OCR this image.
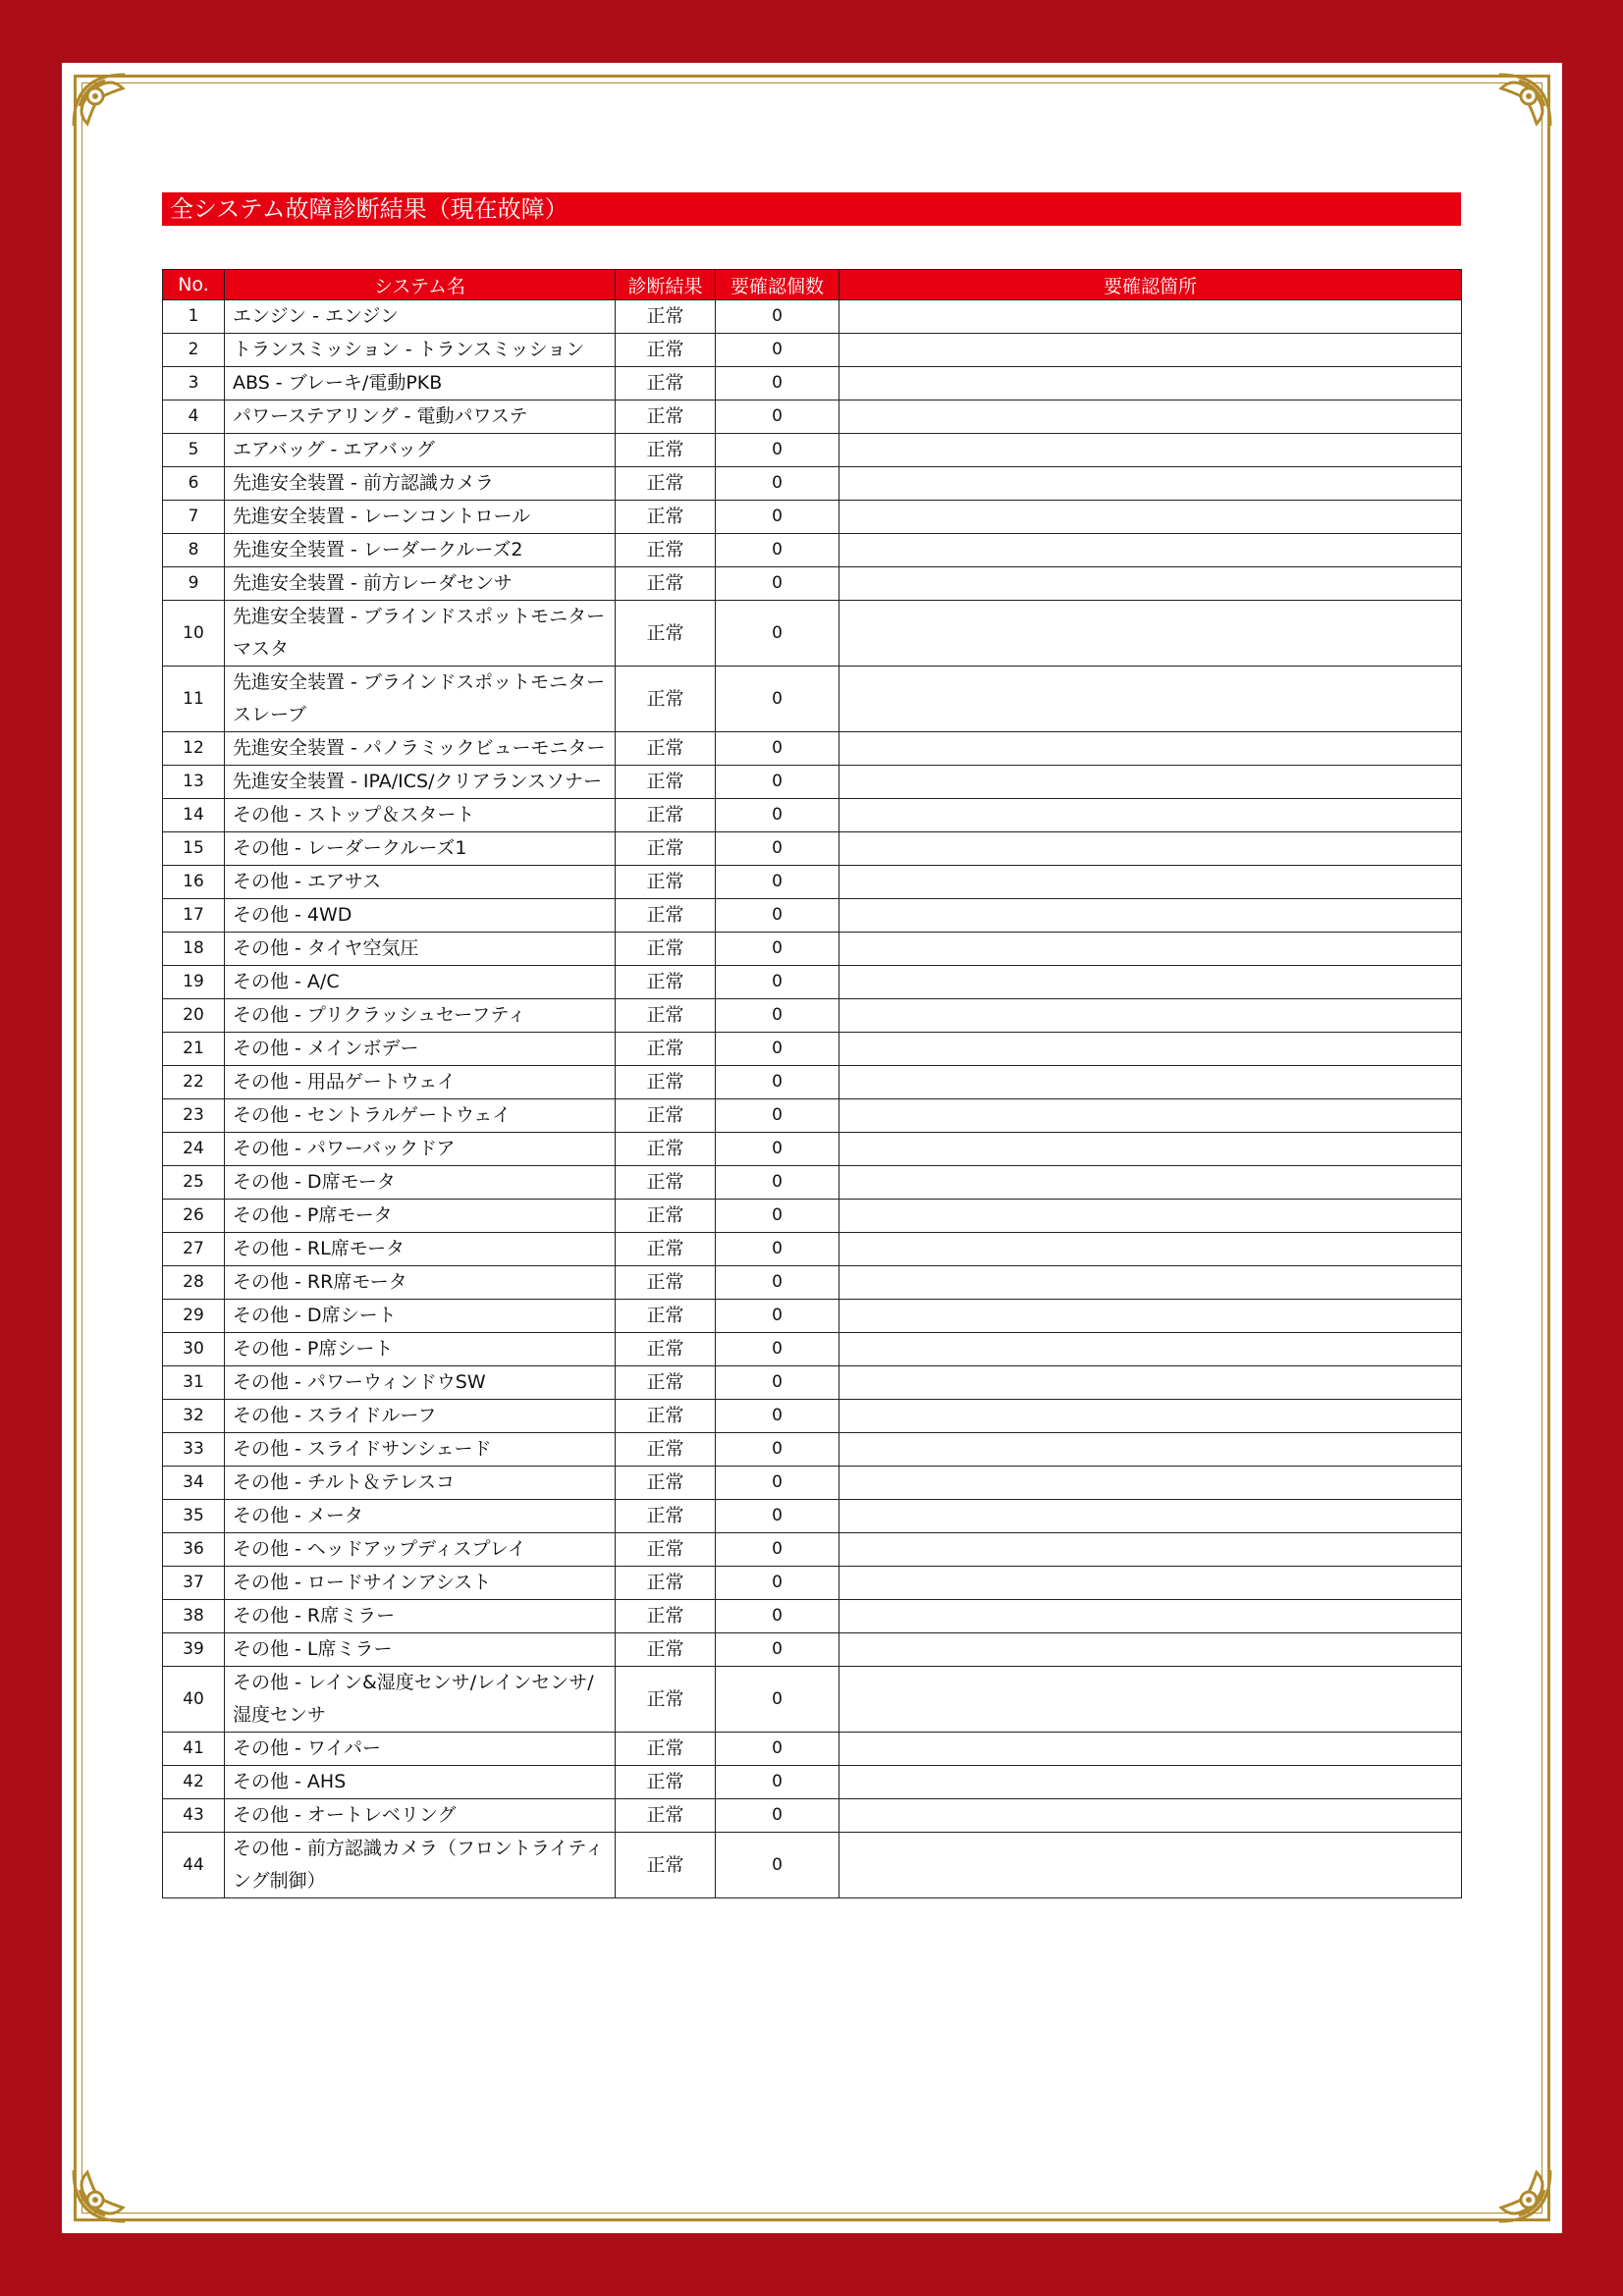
全システム故障診断結果（現在故障）
No.	システム名	診断結果	要確認個数	要確認箇所
1	エンジン - エンジン	正常	0	
2	トランスミッション - トランスミッション	正常	0	
3	ABS - ブレーキ/電動PKB	正常	0	
4	パワーステアリング - 電動パワステ	正常	0	
5	エアバッグ - エアバッグ	正常	0	
6	先進安全装置 - 前方認識カメラ	正常	0	
7	先進安全装置 - レーンコントロール	正常	0	
8	先進安全装置 - レーダークルーズ2	正常	0	
9	先進安全装置 - 前方レーダセンサ	正常	0	
10	先進安全装置 - ブラインドスポットモニター マスタ	正常	0	
11	先進安全装置 - ブラインドスポットモニター スレーブ	正常	0	
12	先進安全装置 - パノラミックビューモニター	正常	0	
13	先進安全装置 - IPA/ICS/クリアランスソナー	正常	0	
14	その他 - ストップ＆スタート	正常	0	
15	その他 - レーダークルーズ1	正常	0	
16	その他 - エアサス	正常	0	
17	その他 - 4WD	正常	0	
18	その他 - タイヤ空気圧	正常	0	
19	その他 - A/C	正常	0	
20	その他 - プリクラッシュセーフティ	正常	0	
21	その他 - メインボデー	正常	0	
22	その他 - 用品ゲートウェイ	正常	0	
23	その他 - セントラルゲートウェイ	正常	0	
24	その他 - パワーバックドア	正常	0	
25	その他 - D席モータ	正常	0	
26	その他 - P席モータ	正常	0	
27	その他 - RL席モータ	正常	0	
28	その他 - RR席モータ	正常	0	
29	その他 - D席シート	正常	0	
30	その他 - P席シート	正常	0	
31	その他 - パワーウィンドウSW	正常	0	
32	その他 - スライドルーフ	正常	0	
33	その他 - スライドサンシェード	正常	0	
34	その他 - チルト＆テレスコ	正常	0	
35	その他 - メータ	正常	0	
36	その他 - ヘッドアップディスプレイ	正常	0	
37	その他 - ロードサインアシスト	正常	0	
38	その他 - R席ミラー	正常	0	
39	その他 - L席ミラー	正常	0	
40	その他 - レイン&湿度センサ/レインセンサ/湿度センサ	正常	0	
41	その他 - ワイパー	正常	0	
42	その他 - AHS	正常	0	
43	その他 - オートレベリング	正常	0	
44	その他 - 前方認識カメラ（フロントライティング制御）	正常	0	
